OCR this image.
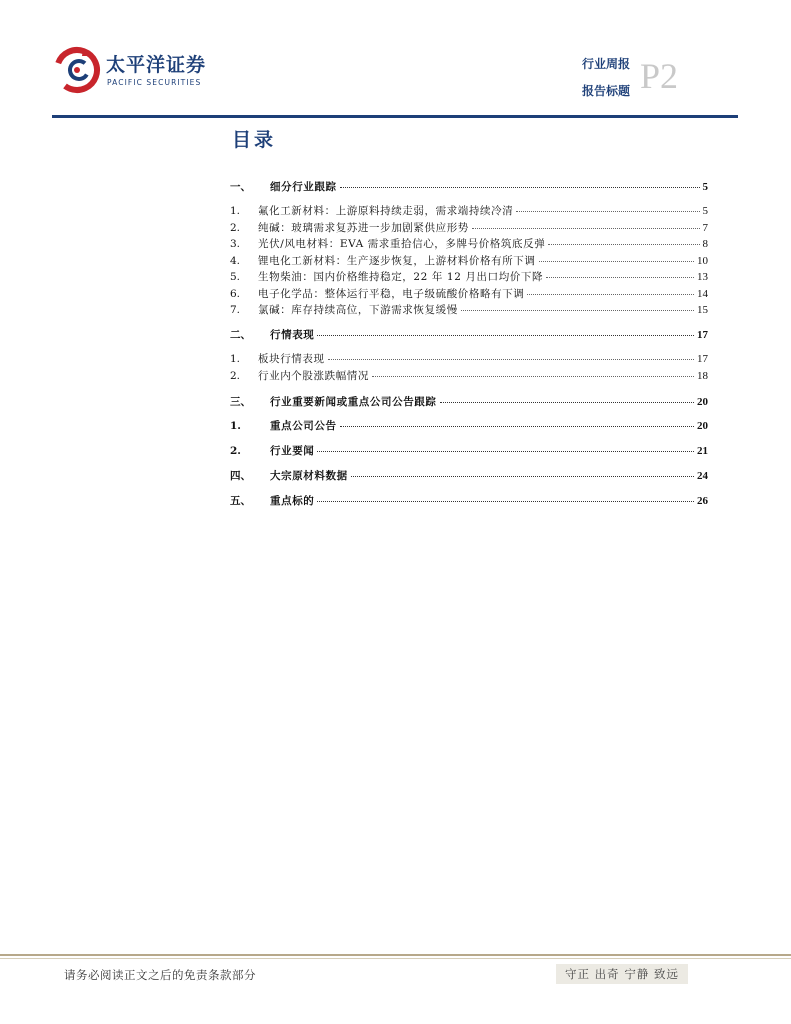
太平洋证券
PACIFIC SECURITIES
行业周报
报告标题 P2
目录
一、	细分行业跟踪	5
1.	氟化工新材料：上游原料持续走弱，需求端持续冷清	5
2.	纯碱：玻璃需求复苏进一步加剧紧供应形势	7
3.	光伏/风电材料：EVA 需求重拾信心，多牌号价格筑底反弹	8
4.	锂电化工新材料：生产逐步恢复，上游材料价格有所下调	10
5.	生物柴油：国内价格维持稳定，22 年 12 月出口均价下降	13
6.	电子化学品：整体运行平稳，电子级硫酸价格略有下调	14
7.	氯碱：库存持续高位，下游需求恢复缓慢	15
二、	行情表现	17
1.	板块行情表现	17
2.	行业内个股涨跌幅情况	18
三、	行业重要新闻或重点公司公告跟踪	20
1.	重点公司公告	20
2.	行业要闻	21
四、	大宗原材料数据	24
五、	重点标的	26
请务必阅读正文之后的免责条款部分	守正 出奇 宁静 致远
